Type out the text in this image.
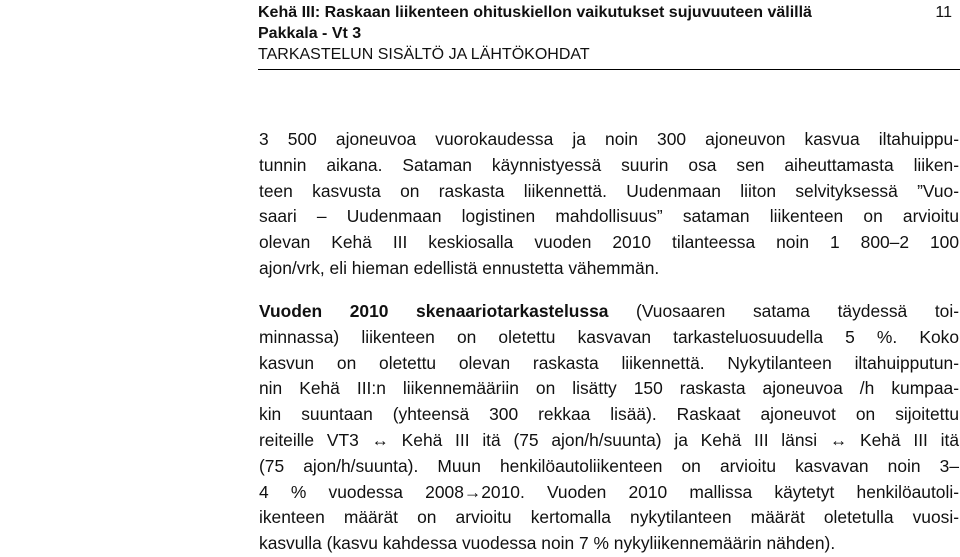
Kehä III: Raskaan liikenteen ohituskiellon vaikutukset sujuvuuteen välillä
Pakkala - Vt 3
TARKASTELUN SISÄLTÖ JA LÄHTÖKOHDAT
11
3 500 ajoneuvoa vuorokaudessa ja noin 300 ajoneuvon kasvua iltahuippu-
tunnin aikana. Sataman käynnistyessä suurin osa sen aiheuttamasta liiken-
teen kasvusta on raskasta liikennettä. Uudenmaan liiton selvityksessä ”Vuo-
saari – Uudenmaan logistinen mahdollisuus” sataman liikenteen on arvioitu
olevan Kehä III keskiosalla vuoden 2010 tilanteessa noin 1 800–2 100
ajon/vrk, eli hieman edellistä ennustetta vähemmän.
Vuoden 2010 skenaariotarkastelussa (Vuosaaren satama täydessä toi-
minnassa) liikenteen on oletettu kasvavan tarkasteluosuudella 5 %. Koko
kasvun on oletettu olevan raskasta liikennettä. Nykytilanteen iltahuipputun-
nin Kehä III:n liikennemääriin on lisätty 150 raskasta ajoneuvoa /h kumpaa-
kin suuntaan (yhteensä 300 rekkaa lisää). Raskaat ajoneuvot on sijoitettu
reiteille VT3 ↔ Kehä III itä (75 ajon/h/suunta) ja Kehä III länsi ↔ Kehä III itä
(75 ajon/h/suunta). Muun henkilöautoliikenteen on arvioitu kasvavan noin 3–
4 % vuodessa 2008→2010. Vuoden 2010 mallissa käytetyt henkilöautoli-
ikenteen määrät on arvioitu kertomalla nykytilanteen määrät oletetulla vuosi-
kasvulla (kasvu kahdessa vuodessa noin 7 % nykyliikennemäärin nähden).
